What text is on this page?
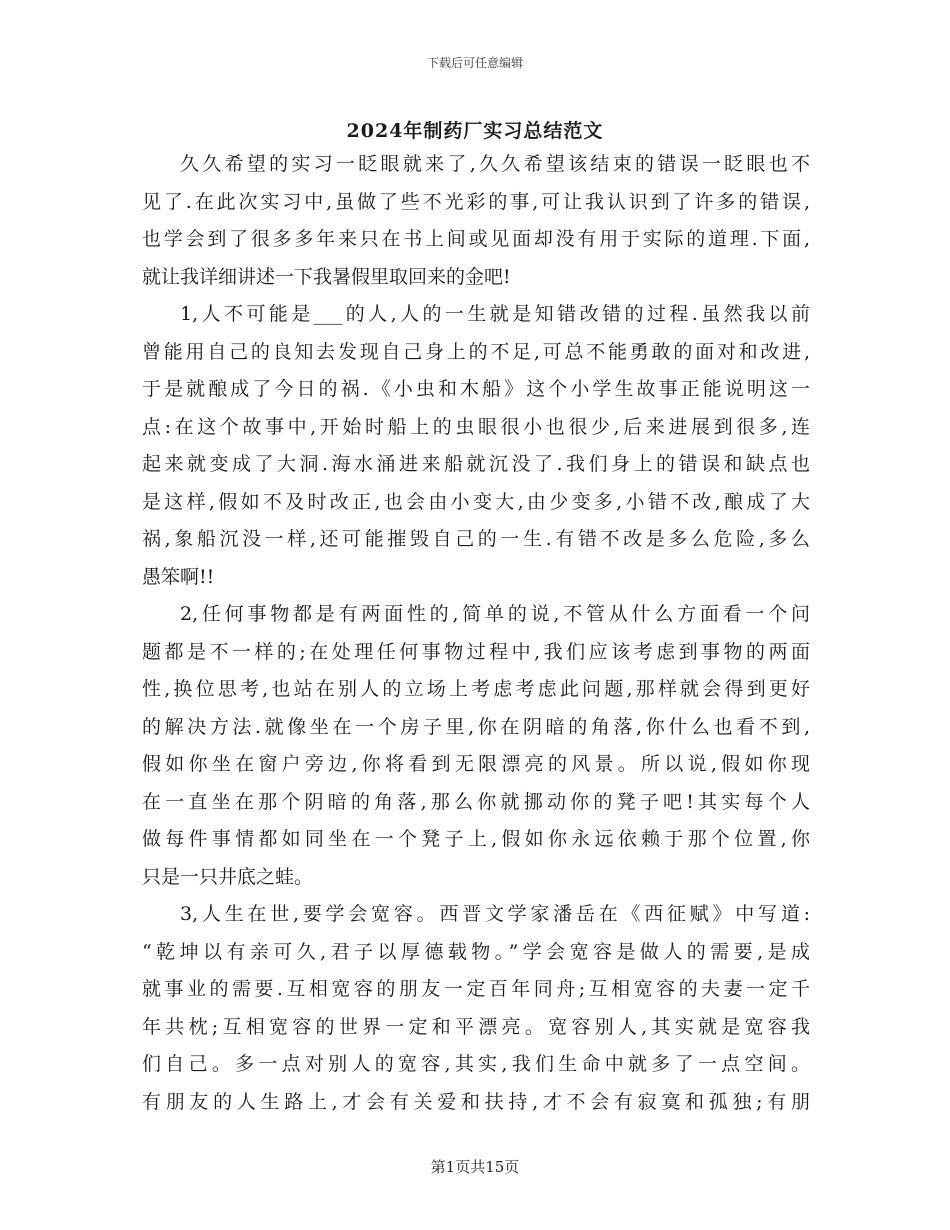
下载后可任意编辑
2024年制药厂实习总结范文
久久希望的实习一眨眼就来了,久久希望该结束的错误一眨眼也不
见了.在此次实习中,虽做了些不光彩的事,可让我认识到了许多的错误,
也学会到了很多多年来只在书上间或见面却没有用于实际的道理.下面,
就让我详细讲述一下我暑假里取回来的金吧!
1,人不可能是___的人,人的一生就是知错改错的过程.虽然我以前
曾能用自己的良知去发现自己身上的不足,可总不能勇敢的面对和改进,
于是就酿成了今日的祸.《小虫和木船》这个小学生故事正能说明这一
点:在这个故事中,开始时船上的虫眼很小也很少,后来进展到很多,连
起来就变成了大洞.海水涌进来船就沉没了.我们身上的错误和缺点也
是这样,假如不及时改正,也会由小变大,由少变多,小错不改,酿成了大
祸,象船沉没一样,还可能摧毁自己的一生.有错不改是多么危险,多么
愚笨啊!!
2,任何事物都是有两面性的,简单的说,不管从什么方面看一个问
题都是不一样的;在处理任何事物过程中,我们应该考虑到事物的两面
性,换位思考,也站在别人的立场上考虑考虑此问题,那样就会得到更好
的解决方法.就像坐在一个房子里,你在阴暗的角落,你什么也看不到,
假如你坐在窗户旁边,你将看到无限漂亮的风景。所以说,假如你现
在一直坐在那个阴暗的角落,那么你就挪动你的凳子吧!其实每个人
做每件事情都如同坐在一个凳子上,假如你永远依赖于那个位置,你
只是一只井底之蛙。
3,人生在世,要学会宽容。西晋文学家潘岳在《西征赋》中写道:
“乾坤以有亲可久,君子以厚德载物。”学会宽容是做人的需要,是成
就事业的需要.互相宽容的朋友一定百年同舟;互相宽容的夫妻一定千
年共枕;互相宽容的世界一定和平漂亮。宽容别人,其实就是宽容我
们自己。多一点对别人的宽容,其实,我们生命中就多了一点空间。
有朋友的人生路上,才会有关爱和扶持,才不会有寂寞和孤独;有朋
第1页共15页
